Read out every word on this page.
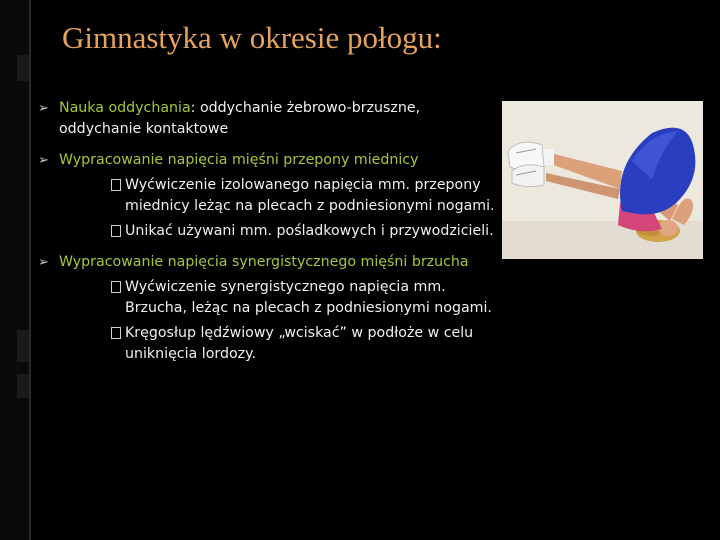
Gimnastyka w okresie połogu:
➢ Nauka oddychania: oddychanie żebrowo-brzuszne, oddychanie kontaktowe
➢ Wypracowanie napięcia mięśni przepony miednicy
Wyćwiczenie izolowanego napięcia mm. przepony miednicy leżąc na plecach z podniesionymi nogami.
Unikać używani mm. pośladkowych i przywodzicieli.
➢ Wypracowanie napięcia synergistycznego mięśni brzucha
Wyćwiczenie synergistycznego napięcia mm. Brzucha, leżąc na plecach z podniesionymi nogami.
Kręgosłup lędźwiowy „wciskać” w podłoże w celu uniknięcia lordozy.
